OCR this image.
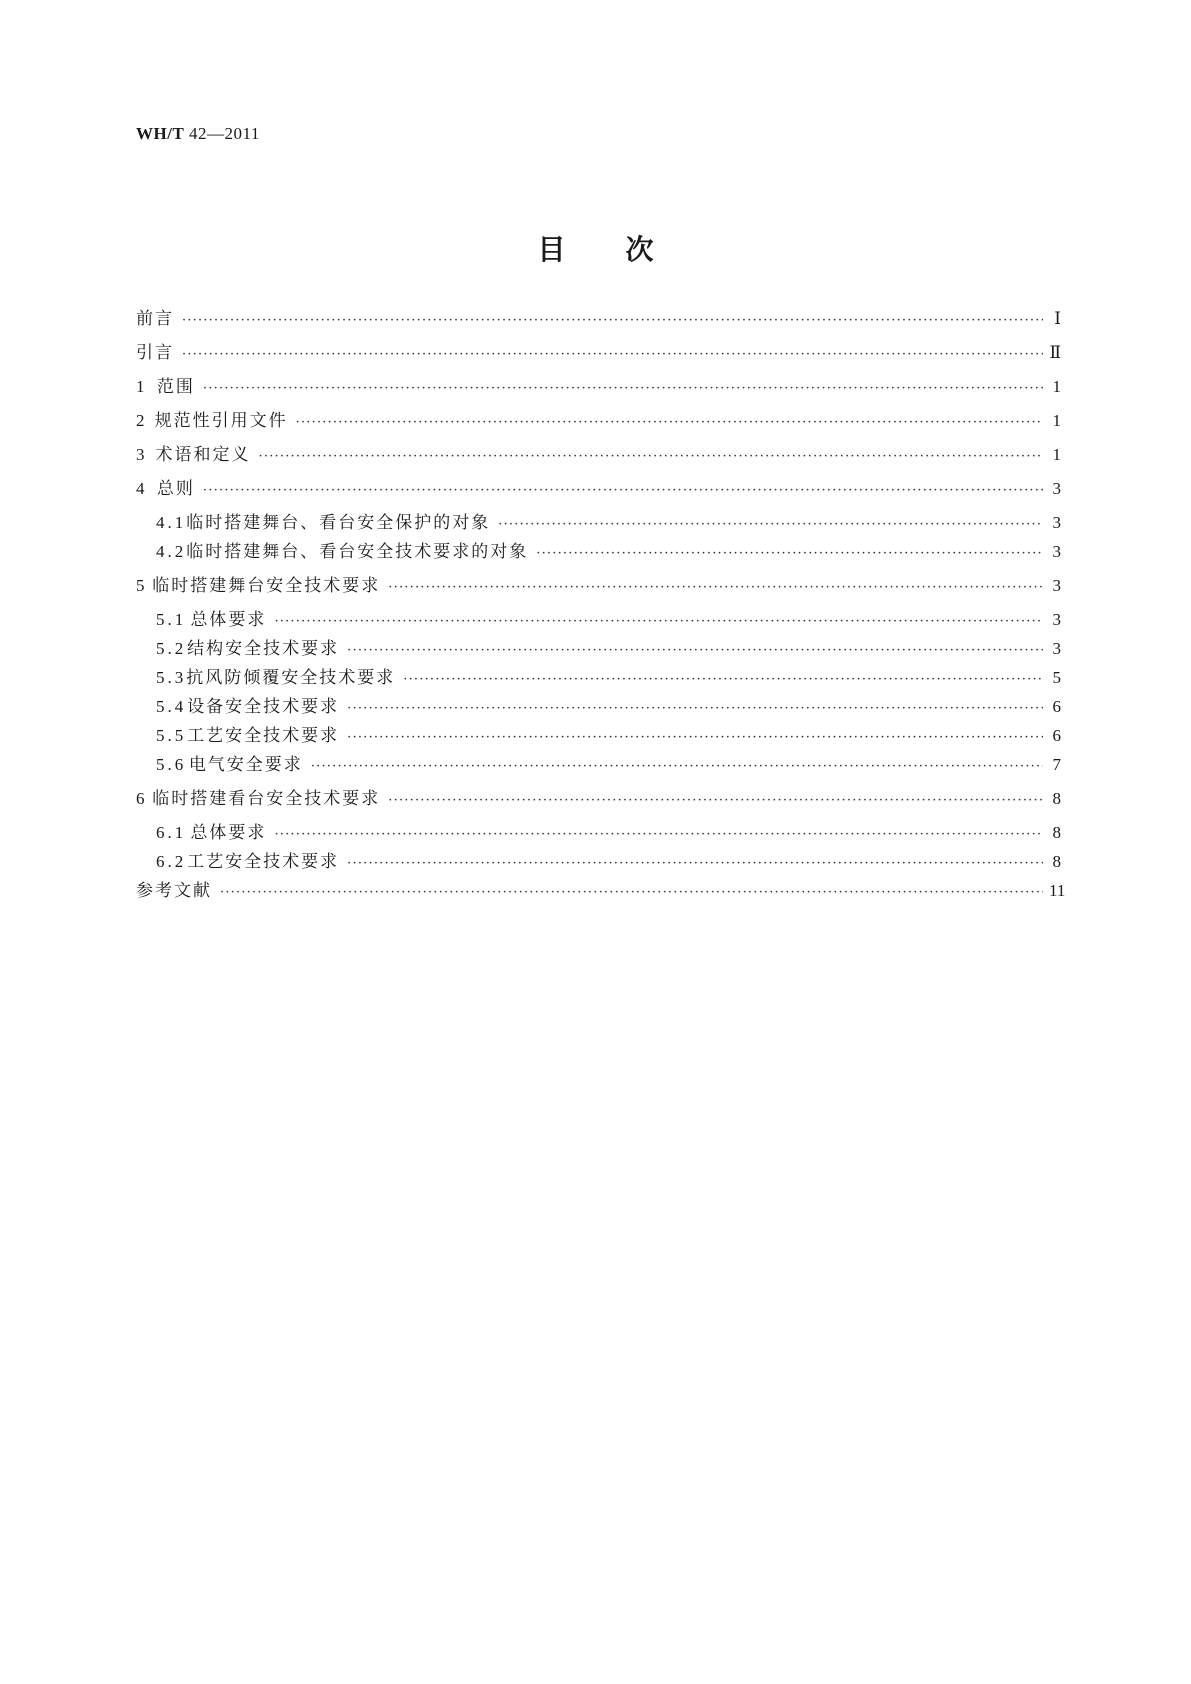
WH/T 42—2011
目次
前言 ·····	Ⅰ
引言 ·····	Ⅱ
1 范围 ·····	1
2 规范性引用文件 ·····	1
3 术语和定义 ·····	1
4 总则 ·····	3
4.1 临时搭建舞台、看台安全保护的对象 ·····	3
4.2 临时搭建舞台、看台安全技术要求的对象 ·····	3
5 临时搭建舞台安全技术要求 ·····	3
5.1 总体要求 ·····	3
5.2 结构安全技术要求 ·····	3
5.3 抗风防倾覆安全技术要求 ·····	5
5.4 设备安全技术要求 ·····	6
5.5 工艺安全技术要求 ·····	6
5.6 电气安全要求 ·····	7
6 临时搭建看台安全技术要求 ·····	8
6.1 总体要求 ·····	8
6.2 工艺安全技术要求 ·····	8
参考文献 ·····	11
